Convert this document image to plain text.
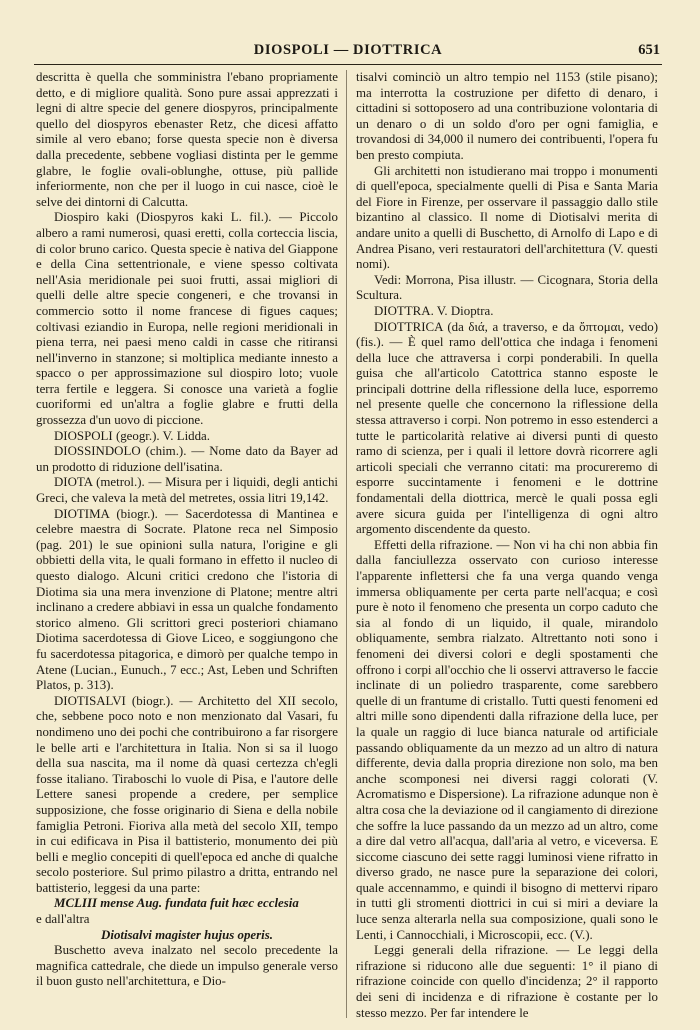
DIOSPOLI — DIOTTRICA	651

descritta è quella che somministra l'ebano propriamente detto, e di migliore qualità. Sono pure assai apprezzati i legni di altre specie del genere diospyros, principalmente quello del diospyros ebenaster Retz, che dicesi affatto simile al vero ebano; forse questa specie non è diversa dalla precedente, sebbene vogliasi distinta per le gemme glabre, le foglie ovali-oblunghe, ottuse, più pallide inferiormente, non che per il luogo in cui nasce, cioè le selve dei dintorni di Calcutta.

Diospiro kaki (Diospyros kaki L. fil.). — Piccolo albero a rami numerosi, quasi eretti, colla corteccia liscia, di color bruno carico. Questa specie è nativa del Giappone e della Cina settentrionale, e viene spesso coltivata nell'Asia meridionale pei suoi frutti, assai migliori di quelli delle altre specie congeneri, e che trovansi in commercio sotto il nome francese di figues caques; coltivasi eziandio in Europa, nelle regioni meridionali in piena terra, nei paesi meno caldi in casse che ritiransi nell'inverno in stanzone; si moltiplica mediante innesto a spacco o per approssimazione sul diospiro loto; vuole terra fertile e leggera. Si conosce una varietà a foglie cuoriformi ed un'altra a foglie glabre e frutti della grossezza d'un uovo di piccione.

DIOSPOLI (geogr.). V. Lidda.

DIOSSINDOLO (chim.). — Nome dato da Bayer ad un prodotto di riduzione dell'isatina.

DIOTA (metrol.). — Misura per i liquidi, degli antichi Greci, che valeva la metà del metretes, ossia litri 19,142.

DIOTIMA (biogr.). — Sacerdotessa di Mantinea e celebre maestra di Socrate. Platone reca nel Simposio (pag. 201) le sue opinioni sulla natura, l'origine e gli obbietti della vita, le quali formano in effetto il nucleo di questo dialogo. Alcuni critici credono che l'istoria di Diotima sia una mera invenzione di Platone; mentre altri inclinano a credere abbiavi in essa un qualche fondamento storico almeno. Gli scrittori greci posteriori chiamano Diotima sacerdotessa di Giove Liceo, e soggiungono che fu sacerdotessa pitagorica, e dimorò per qualche tempo in Atene (Lucian., Eunuch., 7 ecc.; Ast, Leben und Schriften Platos, p. 313).

DIOTISALVI (biogr.). — Architetto del XII secolo, che, sebbene poco noto e non menzionato dal Vasari, fu nondimeno uno dei pochi che contribuirono a far risorgere le belle arti e l'architettura in Italia. Non si sa il luogo della sua nascita, ma il nome dà quasi certezza ch'egli fosse italiano. Tiraboschi lo vuole di Pisa, e l'autore delle Lettere sanesi propende a credere, per semplice supposizione, che fosse originario di Siena e della nobile famiglia Petroni. Fioriva alla metà del secolo XII, tempo in cui edificava in Pisa il battisterio, monumento dei più belli e meglio concepiti di quell'epoca ed anche di qualche secolo posteriore. Sul primo pilastro a dritta, entrando nel battisterio, leggesi da una parte:

MCLIII mense Aug. fundata fuit hæc ecclesia

e dall'altra

Diotisalvi magister hujus operis.

Buschetto aveva inalzato nel secolo precedente la magnifica cattedrale, che diede un impulso generale verso il buon gusto nell'architettura, e Dio-

tisalvi cominciò un altro tempio nel 1153 (stile pisano); ma interrotta la costruzione per difetto di denaro, i cittadini si sottoposero ad una contribuzione volontaria di un denaro o di un soldo d'oro per ogni famiglia, e trovandosi di 34,000 il numero dei contribuenti, l'opera fu ben presto compiuta.

Gli architetti non istudierano mai troppo i monumenti di quell'epoca, specialmente quelli di Pisa e Santa Maria del Fiore in Firenze, per osservare il passaggio dallo stile bizantino al classico. Il nome di Diotisalvi merita di andare unito a quelli di Buschetto, di Arnolfo di Lapo e di Andrea Pisano, veri restauratori dell'architettura (V. questi nomi).

Vedi: Morrona, Pisa illustr. — Cicognara, Storia della Scultura.

DIOTTRA. V. Dioptra.

DIOTTRICA (da διά, a traverso, e da ὄπτομαι, vedo) (fis.). — È quel ramo dell'ottica che indaga i fenomeni della luce che attraversa i corpi ponderabili. In quella guisa che all'articolo Catottrica stanno esposte le principali dottrine della riflessione della luce, esporremo nel presente quelle che concernono la riflessione della stessa attraverso i corpi. Non potremo in esso estenderci a tutte le particolarità relative ai diversi punti di questo ramo di scienza, per i quali il lettore dovrà ricorrere agli articoli speciali che verranno citati: ma procureremo di esporre succintamente i fenomeni e le dottrine fondamentali della diottrica, mercè le quali possa egli avere sicura guida per l'intelligenza di ogni altro argomento discendente da questo.

Effetti della rifrazione. — Non vi ha chi non abbia fin dalla fanciullezza osservato con curioso interesse l'apparente inflettersi che fa una verga quando venga immersa obliquamente per certa parte nell'acqua; e così pure è noto il fenomeno che presenta un corpo caduto che sia al fondo di un liquido, il quale, mirandolo obliquamente, sembra rialzato. Altrettanto noti sono i fenomeni dei diversi colori e degli spostamenti che offrono i corpi all'occhio che li osservi attraverso le faccie inclinate di un poliedro trasparente, come sarebbero quelle di un frantume di cristallo. Tutti questi fenomeni ed altri mille sono dipendenti dalla rifrazione della luce, per la quale un raggio di luce bianca naturale od artificiale passando obliquamente da un mezzo ad un altro di natura differente, devia dalla propria direzione non solo, ma ben anche scomponesi nei diversi raggi colorati (V. Acromatismo e Dispersione). La rifrazione adunque non è altra cosa che la deviazione od il cangiamento di direzione che soffre la luce passando da un mezzo ad un altro, come a dire dal vetro all'acqua, dall'aria al vetro, e viceversa. E siccome ciascuno dei sette raggi luminosi viene rifratto in diverso grado, ne nasce pure la separazione dei colori, quale accennammo, e quindi il bisogno di mettervi riparo in tutti gli stromenti diottrici in cui si miri a deviare la luce senza alterarla nella sua composizione, quali sono le Lenti, i Cannocchiali, i Microscopii, ecc. (V.).

Leggi generali della rifrazione. — Le leggi della rifrazione si riducono alle due seguenti: 1° il piano di rifrazione coincide con quello d'incidenza; 2° il rapporto dei seni di incidenza e di rifrazione è costante per lo stesso mezzo. Per far intendere le
